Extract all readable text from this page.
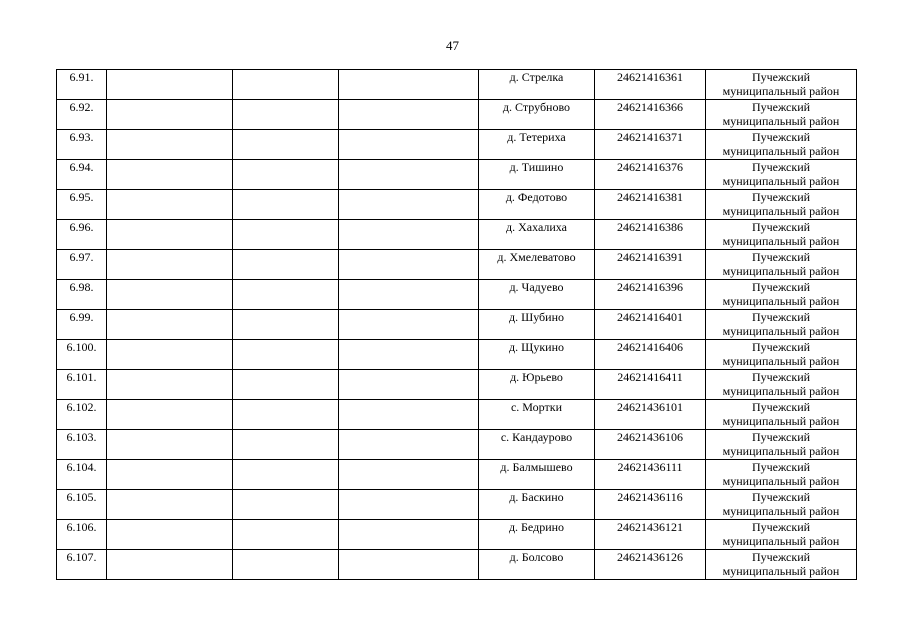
47
6.91.				д. Стрелка	24621416361	Пучежский
муниципальный район

6.92.				д. Струбново	24621416366	Пучежский
муниципальный район

6.93.				д. Тетериха	24621416371	Пучежский
муниципальный район

6.94.				д. Тишино	24621416376	Пучежский
муниципальный район

6.95.				д. Федотово	24621416381	Пучежский
муниципальный район

6.96.				д. Хахалиха	24621416386	Пучежский
муниципальный район

6.97.				д. Хмелеватово	24621416391	Пучежский
муниципальный район

6.98.				д. Чадуево	24621416396	Пучежский
муниципальный район

6.99.				д. Шубино	24621416401	Пучежский
муниципальный район

6.100.				д. Щукино	24621416406	Пучежский
муниципальный район

6.101.				д. Юрьево	24621416411	Пучежский
муниципальный район

6.102.				с. Мортки	24621436101	Пучежский
муниципальный район

6.103.				с. Кандаурово	24621436106	Пучежский
муниципальный район

6.104.				д. Балмышево	24621436111	Пучежский
муниципальный район

6.105.				д. Баскино	24621436116	Пучежский
муниципальный район

6.106.				д. Бедрино	24621436121	Пучежский
муниципальный район

6.107.				д. Болсово	24621436126	Пучежский
муниципальный район
